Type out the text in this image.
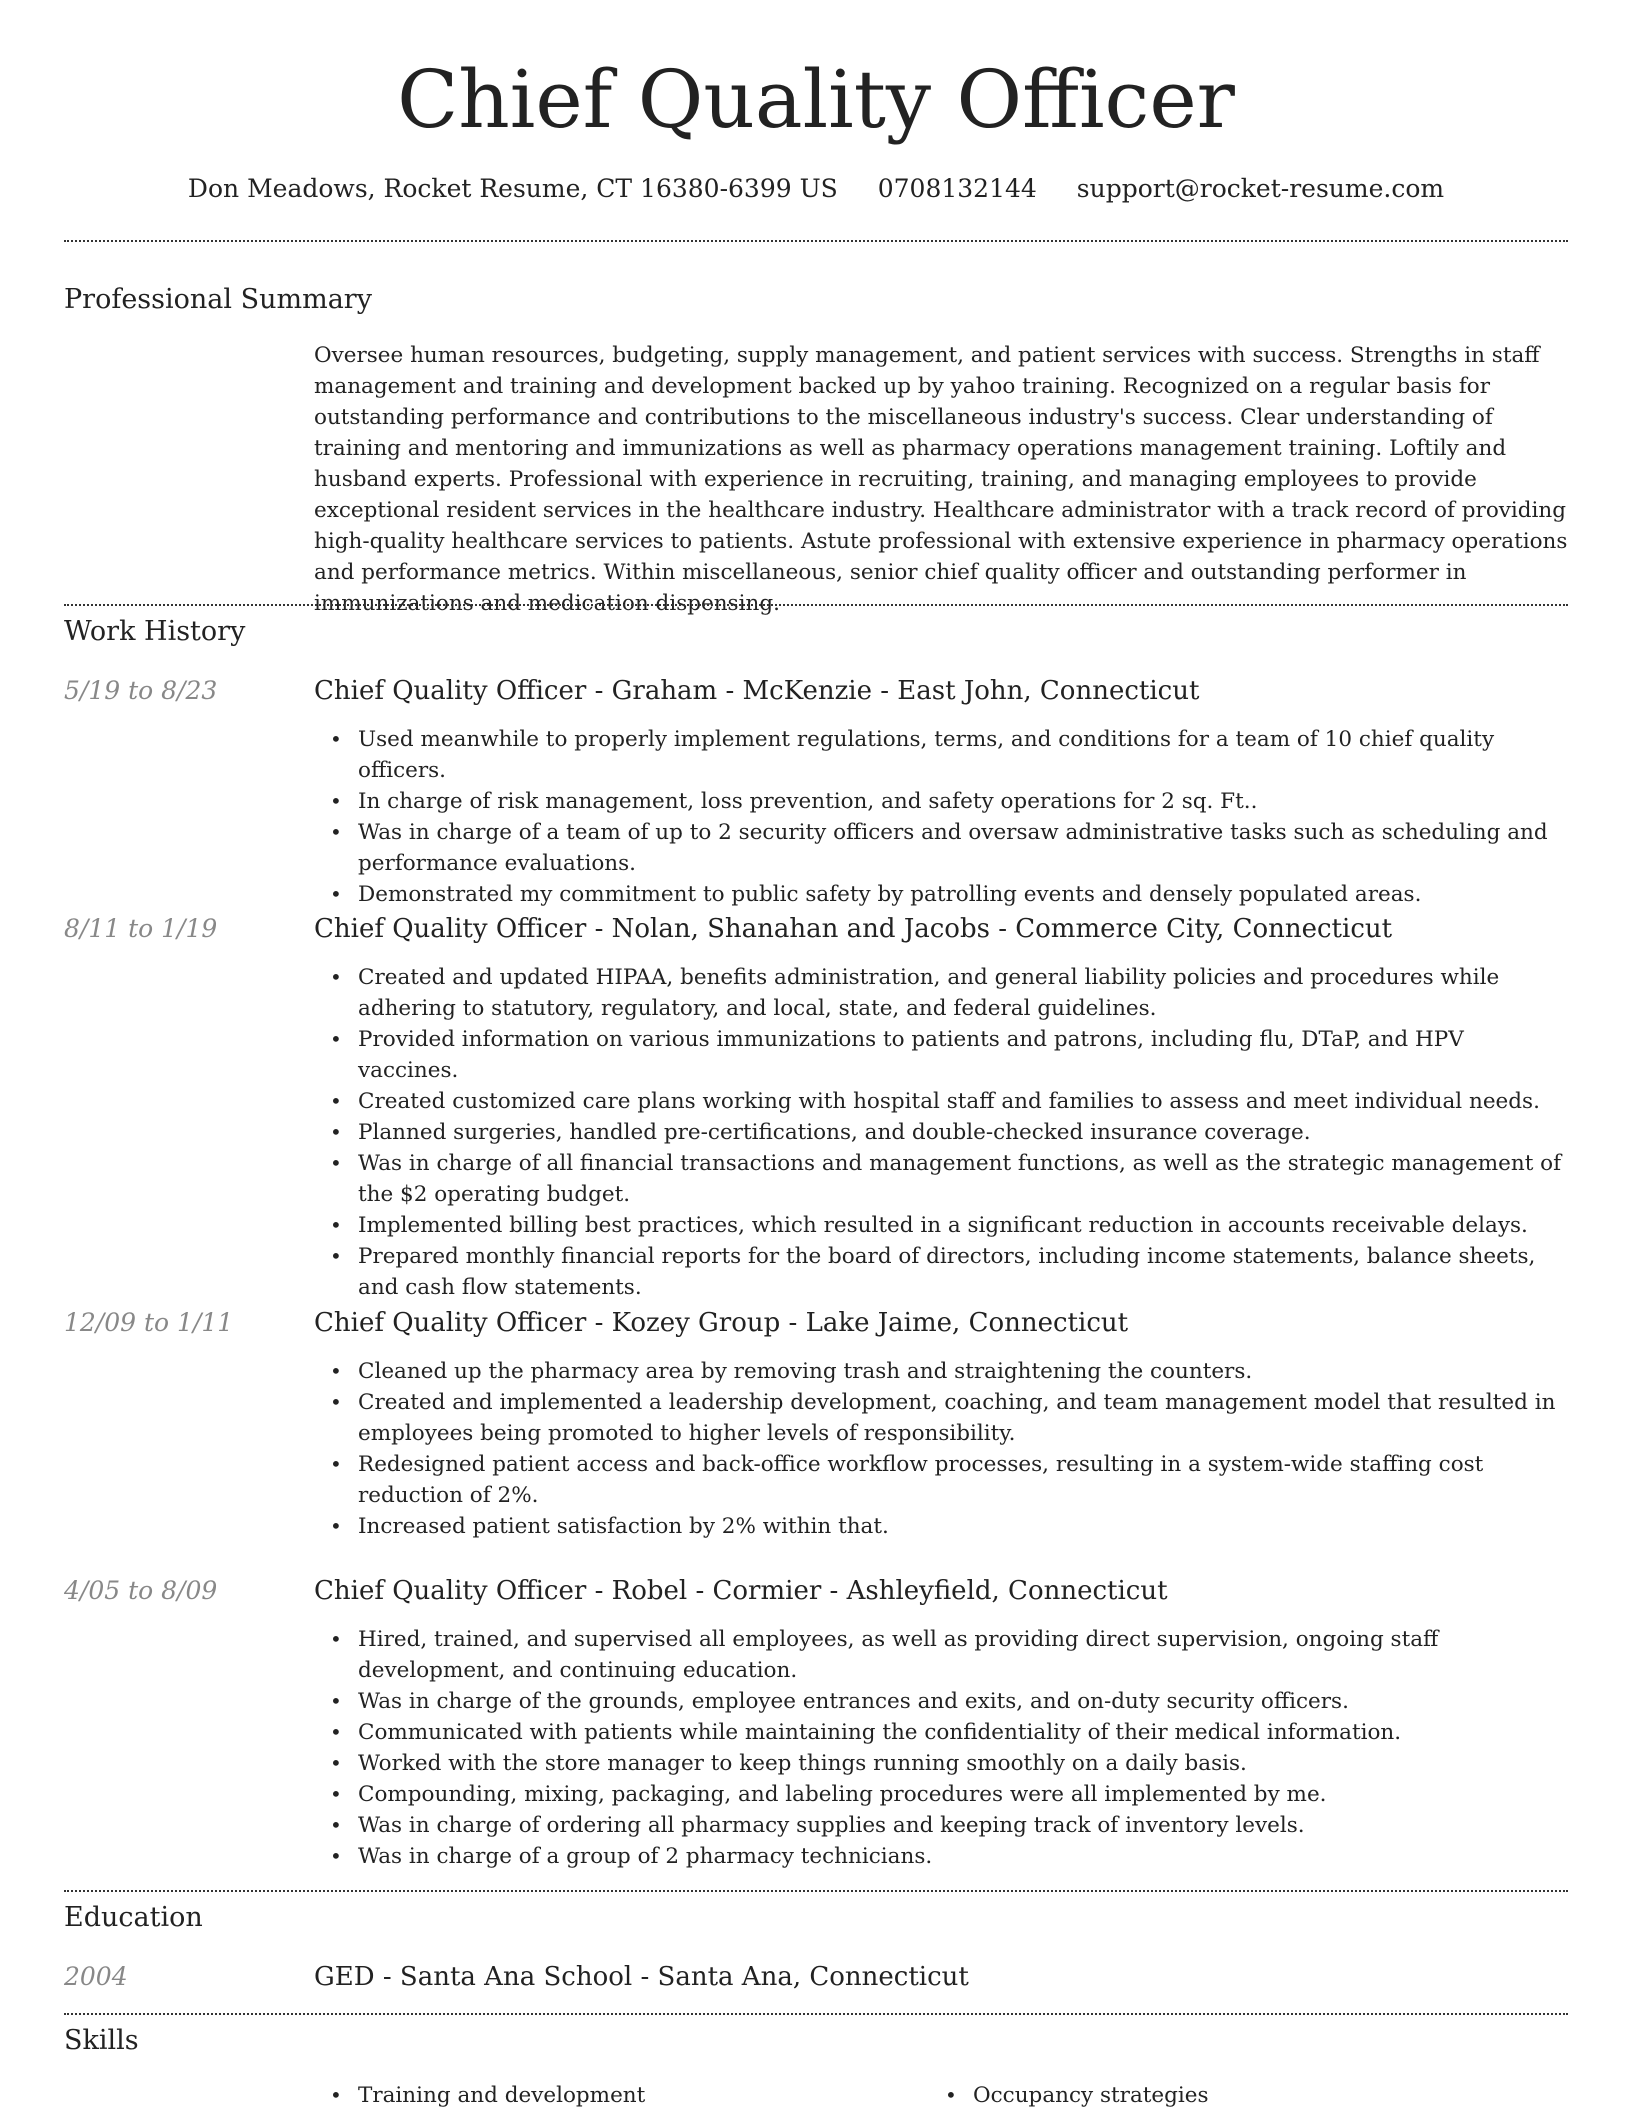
Chief Quality Officer
Don Meadows, Rocket Resume, CT 16380-6399 US 0708132144 support@rocket-resume.com
Professional Summary
Oversee human resources, budgeting, supply management, and patient services with success. Strengths in staff management and training and development backed up by yahoo training. Recognized on a regular basis for outstanding performance and contributions to the miscellaneous industry's success. Clear understanding of training and mentoring and immunizations as well as pharmacy operations management training. Loftily and husband experts. Professional with experience in recruiting, training, and managing employees to provide exceptional resident services in the healthcare industry. Healthcare administrator with a track record of providing high-quality healthcare services to patients. Astute professional with extensive experience in pharmacy operations and performance metrics. Within miscellaneous, senior chief quality officer and outstanding performer in immunizations and medication dispensing.
Work History
5/19 to 8/23	Chief Quality Officer - Graham - McKenzie - East John, Connecticut
• Used meanwhile to properly implement regulations, terms, and conditions for a team of 10 chief quality officers.
• In charge of risk management, loss prevention, and safety operations for 2 sq. Ft..
• Was in charge of a team of up to 2 security officers and oversaw administrative tasks such as scheduling and performance evaluations.
• Demonstrated my commitment to public safety by patrolling events and densely populated areas.
8/11 to 1/19	Chief Quality Officer - Nolan, Shanahan and Jacobs - Commerce City, Connecticut
• Created and updated HIPAA, benefits administration, and general liability policies and procedures while adhering to statutory, regulatory, and local, state, and federal guidelines.
• Provided information on various immunizations to patients and patrons, including flu, DTaP, and HPV vaccines.
• Created customized care plans working with hospital staff and families to assess and meet individual needs.
• Planned surgeries, handled pre-certifications, and double-checked insurance coverage.
• Was in charge of all financial transactions and management functions, as well as the strategic management of the $2 operating budget.
• Implemented billing best practices, which resulted in a significant reduction in accounts receivable delays.
• Prepared monthly financial reports for the board of directors, including income statements, balance sheets, and cash flow statements.
12/09 to 1/11	Chief Quality Officer - Kozey Group - Lake Jaime, Connecticut
• Cleaned up the pharmacy area by removing trash and straightening the counters.
• Created and implemented a leadership development, coaching, and team management model that resulted in employees being promoted to higher levels of responsibility.
• Redesigned patient access and back-office workflow processes, resulting in a system-wide staffing cost reduction of 2%.
• Increased patient satisfaction by 2% within that.
4/05 to 8/09	Chief Quality Officer - Robel - Cormier - Ashleyfield, Connecticut
• Hired, trained, and supervised all employees, as well as providing direct supervision, ongoing staff development, and continuing education.
• Was in charge of the grounds, employee entrances and exits, and on-duty security officers.
• Communicated with patients while maintaining the confidentiality of their medical information.
• Worked with the store manager to keep things running smoothly on a daily basis.
• Compounding, mixing, packaging, and labeling procedures were all implemented by me.
• Was in charge of ordering all pharmacy supplies and keeping track of inventory levels.
• Was in charge of a group of 2 pharmacy technicians.
Education
2004	GED - Santa Ana School - Santa Ana, Connecticut
Skills
• Training and development
•	Occupancy strategies
